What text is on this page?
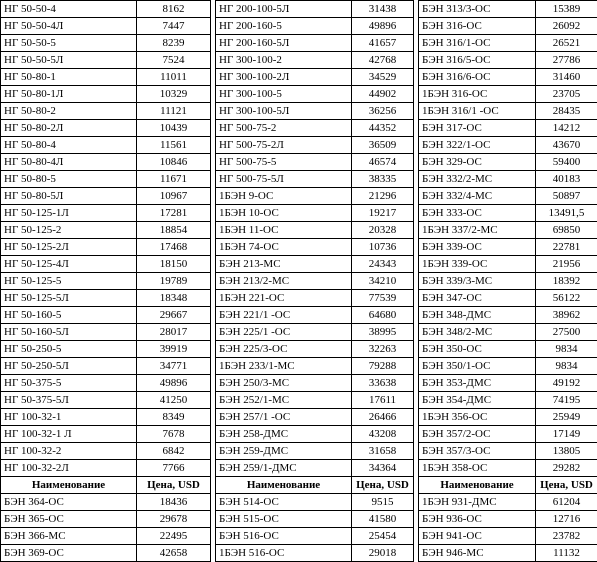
НГ 50-50-4	8162
НГ 50-50-4Л	7447
НГ 50-50-5	8239
НГ 50-50-5Л	7524
НГ 50-80-1	11011
НГ 50-80-1Л	10329
НГ 50-80-2	11121
НГ 50-80-2Л	10439
НГ 50-80-4	11561
НГ 50-80-4Л	10846
НГ 50-80-5	11671
НГ 50-80-5Л	10967
НГ 50-125-1Л	17281
НГ 50-125-2	18854
НГ 50-125-2Л	17468
НГ 50-125-4Л	18150
НГ 50-125-5	19789
НГ 50-125-5Л	18348
НГ 50-160-5	29667
НГ 50-160-5Л	28017
НГ 50-250-5	39919
НГ 50-250-5Л	34771
НГ 50-375-5	49896
НГ 50-375-5Л	41250
НГ 100-32-1	8349
НГ 100-32-1 Л	7678
НГ 100-32-2	6842
НГ 100-32-2Л	7766
Наименование	Цена, USD
БЭН 364-ОС	18436
БЭН 365-ОС	29678
БЭН 366-МС	22495
БЭН 369-ОС	42658
НГ 200-100-5Л	31438
НГ 200-160-5	49896
НГ 200-160-5Л	41657
НГ 300-100-2	42768
НГ 300-100-2Л	34529
НГ 300-100-5	44902
НГ 300-100-5Л	36256
НГ 500-75-2	44352
НГ 500-75-2Л	36509
НГ 500-75-5	46574
НГ 500-75-5Л	38335
1БЭН 9-ОС	21296
1БЭН 10-ОС	19217
1БЭН 11-ОС	20328
1БЭН 74-ОС	10736
БЭН 213-МС	24343
БЭН 213/2-МС	34210
1БЭН 221-ОС	77539
БЭН 221/1 -ОС	64680
БЭН 225/1 -ОС	38995
БЭН 225/3-ОС	32263
1БЭН 233/1-МС	79288
БЭН 250/3-МС	33638
БЭН 252/1-МС	17611
БЭН 257/1 -ОС	26466
БЭН 258-ДМС	43208
БЭН 259-ДМС	31658
БЭН 259/1-ДМС	34364
Наименование	Цена, USD
БЭН 514-ОС	9515
БЭН 515-ОС	41580
БЭН 516-ОС	25454
1БЭН 516-ОС	29018
БЭН 313/3-ОС	15389
БЭН 316-ОС	26092
БЭН 316/1-ОС	26521
БЭН 316/5-ОС	27786
БЭН 316/6-ОС	31460
1БЭН 316-ОС	23705
1БЭН 316/1 -ОС	28435
БЭН 317-ОС	14212
БЭН 322/1-ОС	43670
БЭН 329-ОС	59400
БЭН 332/2-МС	40183
БЭН 332/4-МС	50897
БЭН 333-ОС	13491,5
1БЭН 337/2-МС	69850
БЭН 339-ОС	22781
1БЭН 339-ОС	21956
БЭН 339/3-МС	18392
БЭН 347-ОС	56122
БЭН 348-ДМС	38962
БЭН 348/2-МС	27500
БЭН 350-ОС	9834
БЭН 350/1-ОС	9834
БЭН 353-ДМС	49192
БЭН 354-ДМС	74195
1БЭН 356-ОС	25949
БЭН 357/2-ОС	17149
БЭН 357/3-ОС	13805
1БЭН 358-ОС	29282
Наименование	Цена, USD
1БЭН 931-ДМС	61204
БЭН 936-ОС	12716
БЭН 941-ОС	23782
БЭН 946-МС	11132
